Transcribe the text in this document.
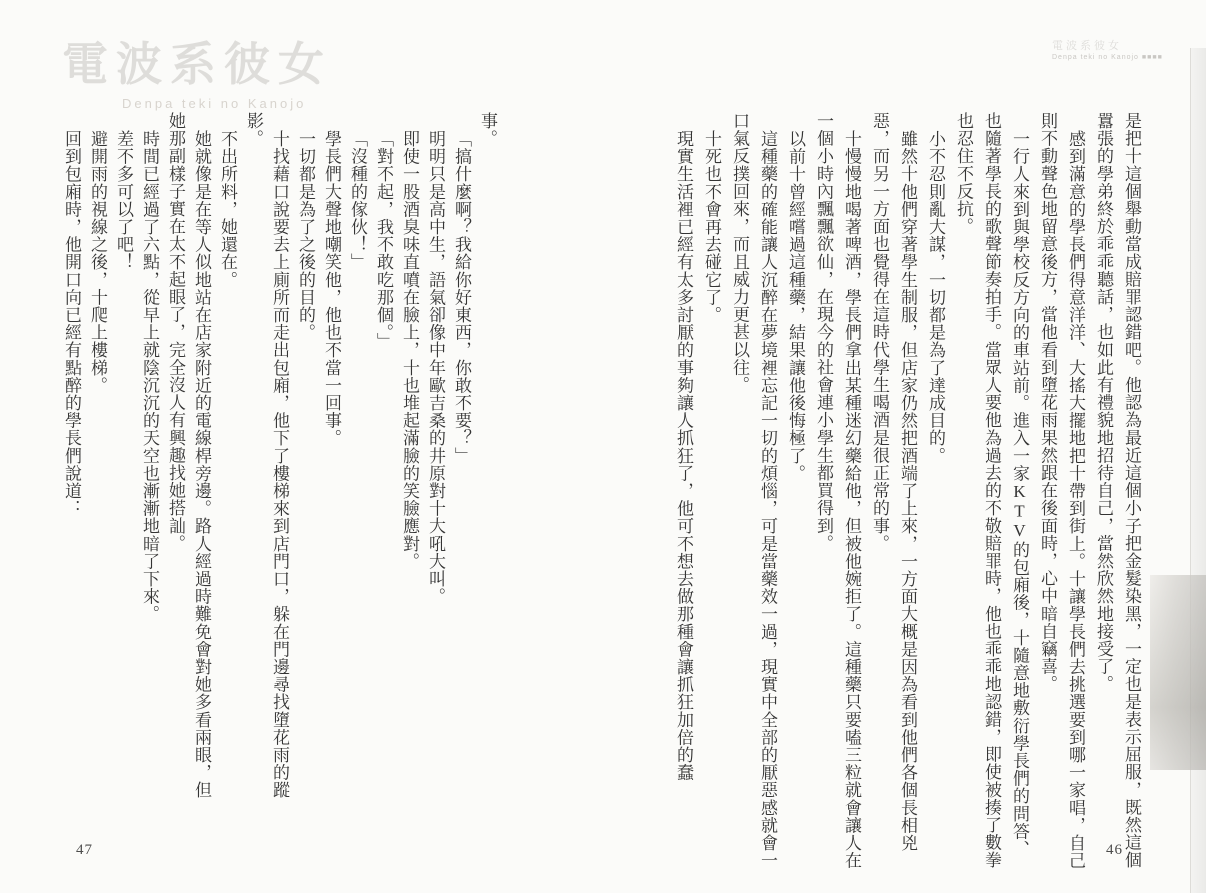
電波系彼女
Denpa teki no Kanojo
電波系彼女
Denpa teki no Kanojo ■■■■

是把十這個舉動當成賠罪認錯吧。他認為最近這個小子把金髮染黑，一定也是表示屈服，既然這個囂張的學弟終於乖乖聽話，也如此有禮貌地招待自己，當然欣然地接受了。

感到滿意的學長們得意洋洋、大搖大擺地把十帶到街上。十讓學長們去挑選要到哪一家唱，自己則不動聲色地留意後方，當他看到墮花雨果然跟在後面時，心中暗自竊喜。

一行人來到與學校反方向的車站前。進入一家KTV的包廂後，十隨意地敷衍學長們的問答、也隨著學長的歌聲節奏拍手。當眾人要他為過去的不敬賠罪時，他也乖乖地認錯，即使被揍了數拳也忍住不反抗。

小不忍則亂大謀，一切都是為了達成目的。

雖然十他們穿著學生制服，但店家仍然把酒端了上來，一方面大概是因為看到他們各個長相兇惡，而另一方面也覺得在這時代學生喝酒是很正常的事。

十慢慢地喝著啤酒，學長們拿出某種迷幻藥給他，但被他婉拒了。這種藥只要嗑三粒就會讓人在一個小時內飄飄欲仙，在現今的社會連小學生都買得到。

以前十曾經嚐過這種藥，結果讓他後悔極了。

這種藥的確能讓人沉醉在夢境裡忘記一切的煩惱，可是當藥效一過，現實中全部的厭惡感就會一口氣反撲回來，而且威力更甚以往。

十死也不會再去碰它了。

現實生活裡已經有太多討厭的事夠讓人抓狂了，他可不想去做那種會讓抓狂加倍的蠢

事。

「搞什麼啊？我給你好東西，你敢不要？」

明明只是高中生，語氣卻像中年歐吉桑的井原對十大吼大叫。

即使一股酒臭味直噴在臉上，十也堆起滿臉的笑臉應對。

「對不起，我不敢吃那個。」

「沒種的傢伙！」

學長們大聲地嘲笑他，他也不當一回事。

一切都是為了之後的目的。

十找藉口說要去上廁所而走出包廂，他下了樓梯來到店門口，躲在門邊尋找墮花雨的蹤影。

不出所料，她還在。

她就像是在等人似地站在店家附近的電線桿旁邊。路人經過時難免會對她多看兩眼，但她那副樣子實在太不起眼了，完全沒人有興趣找她搭訕。

時間已經過了六點，從早上就陰沉沉的天空也漸漸地暗了下來。

差不多可以了吧！

避開雨的視線之後，十爬上樓梯。

回到包廂時，他開口向已經有點醉的學長們說道：

47	46
